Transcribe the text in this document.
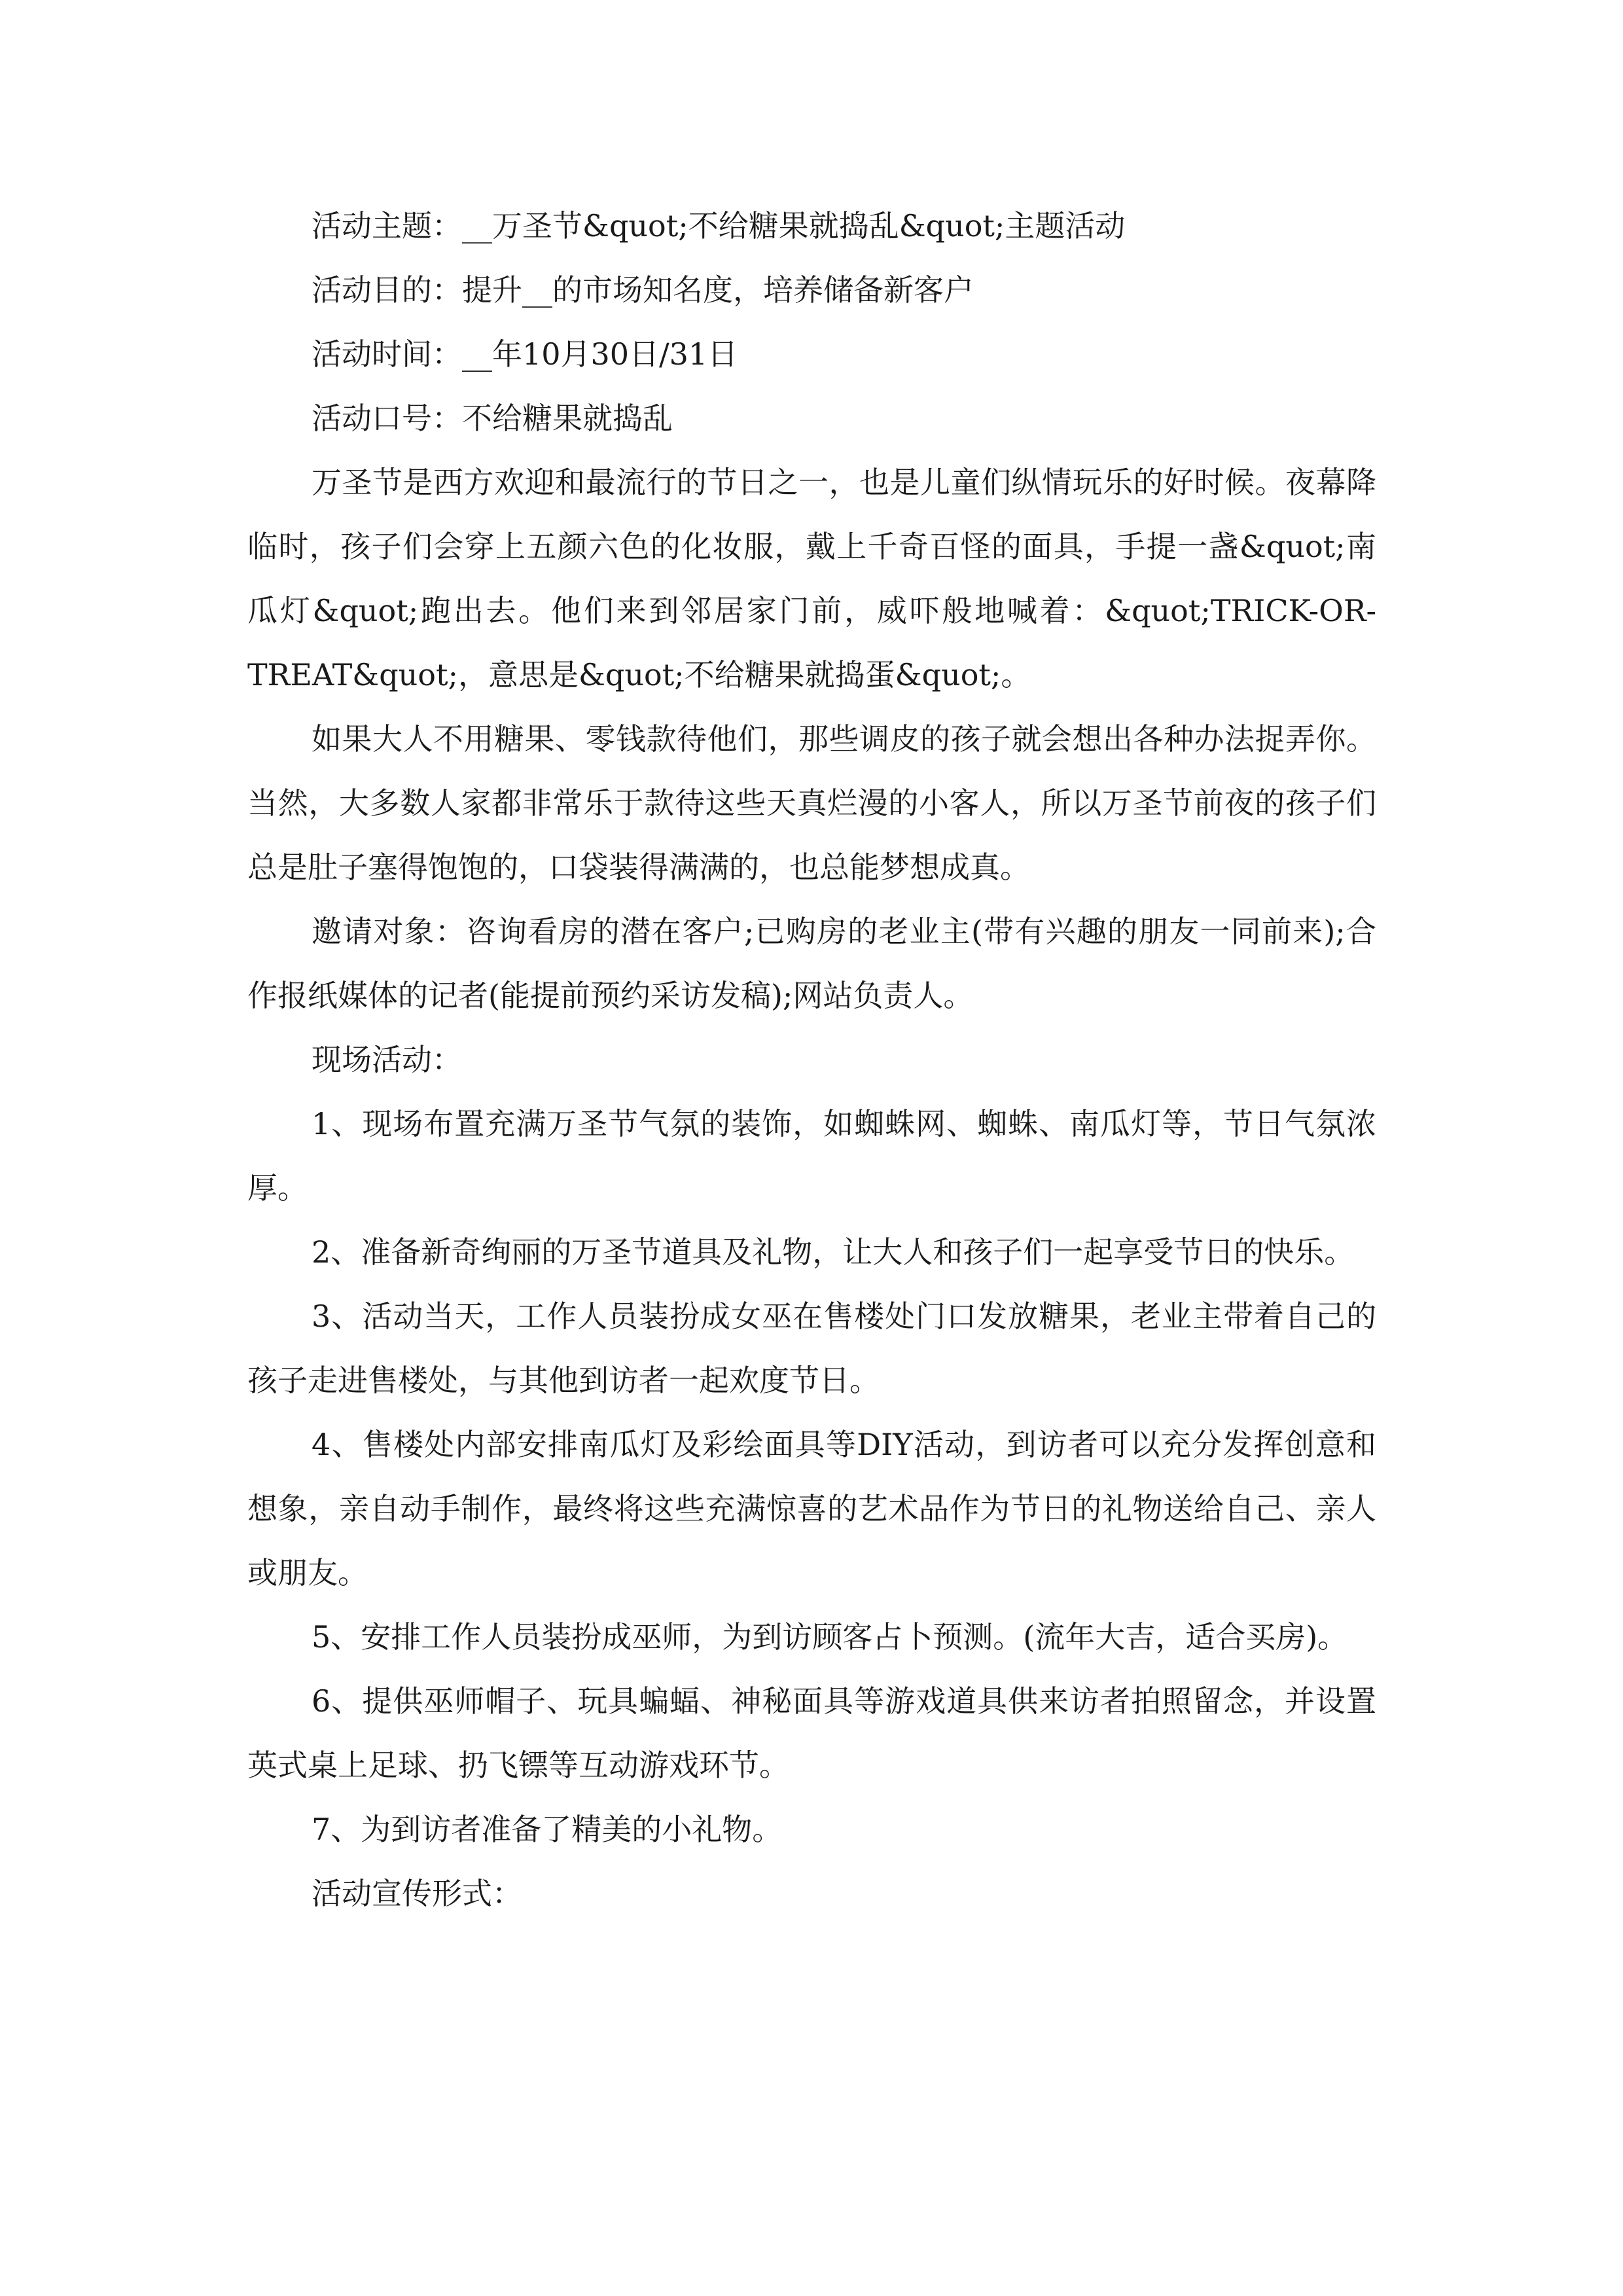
活动主题：__万圣节&quot;不给糖果就捣乱&quot;主题活动

活动目的：提升__的市场知名度，培养储备新客户

活动时间：__年10月30日/31日

活动口号：不给糖果就捣乱

万圣节是西方欢迎和最流行的节日之一，也是儿童们纵情玩乐的好时候。夜幕降临时，孩子们会穿上五颜六色的化妆服，戴上千奇百怪的面具，手提一盏&quot;南瓜灯&quot;跑出去。他们来到邻居家门前，威吓般地喊着：&quot;TRICK-OR-TREAT&quot;，意思是&quot;不给糖果就捣蛋&quot;。

如果大人不用糖果、零钱款待他们，那些调皮的孩子就会想出各种办法捉弄你。当然，大多数人家都非常乐于款待这些天真烂漫的小客人，所以万圣节前夜的孩子们总是肚子塞得饱饱的，口袋装得满满的，也总能梦想成真。

邀请对象：咨询看房的潜在客户;已购房的老业主(带有兴趣的朋友一同前来);合作报纸媒体的记者(能提前预约采访发稿);网站负责人。

现场活动：

1、现场布置充满万圣节气氛的装饰，如蜘蛛网、蜘蛛、南瓜灯等，节日气氛浓厚。

2、准备新奇绚丽的万圣节道具及礼物，让大人和孩子们一起享受节日的快乐。

3、活动当天，工作人员装扮成女巫在售楼处门口发放糖果，老业主带着自己的孩子走进售楼处，与其他到访者一起欢度节日。

4、售楼处内部安排南瓜灯及彩绘面具等DIY活动，到访者可以充分发挥创意和想象，亲自动手制作，最终将这些充满惊喜的艺术品作为节日的礼物送给自己、亲人或朋友。

5、安排工作人员装扮成巫师，为到访顾客占卜预测。(流年大吉，适合买房)。

6、提供巫师帽子、玩具蝙蝠、神秘面具等游戏道具供来访者拍照留念，并设置英式桌上足球、扔飞镖等互动游戏环节。

7、为到访者准备了精美的小礼物。

活动宣传形式：
